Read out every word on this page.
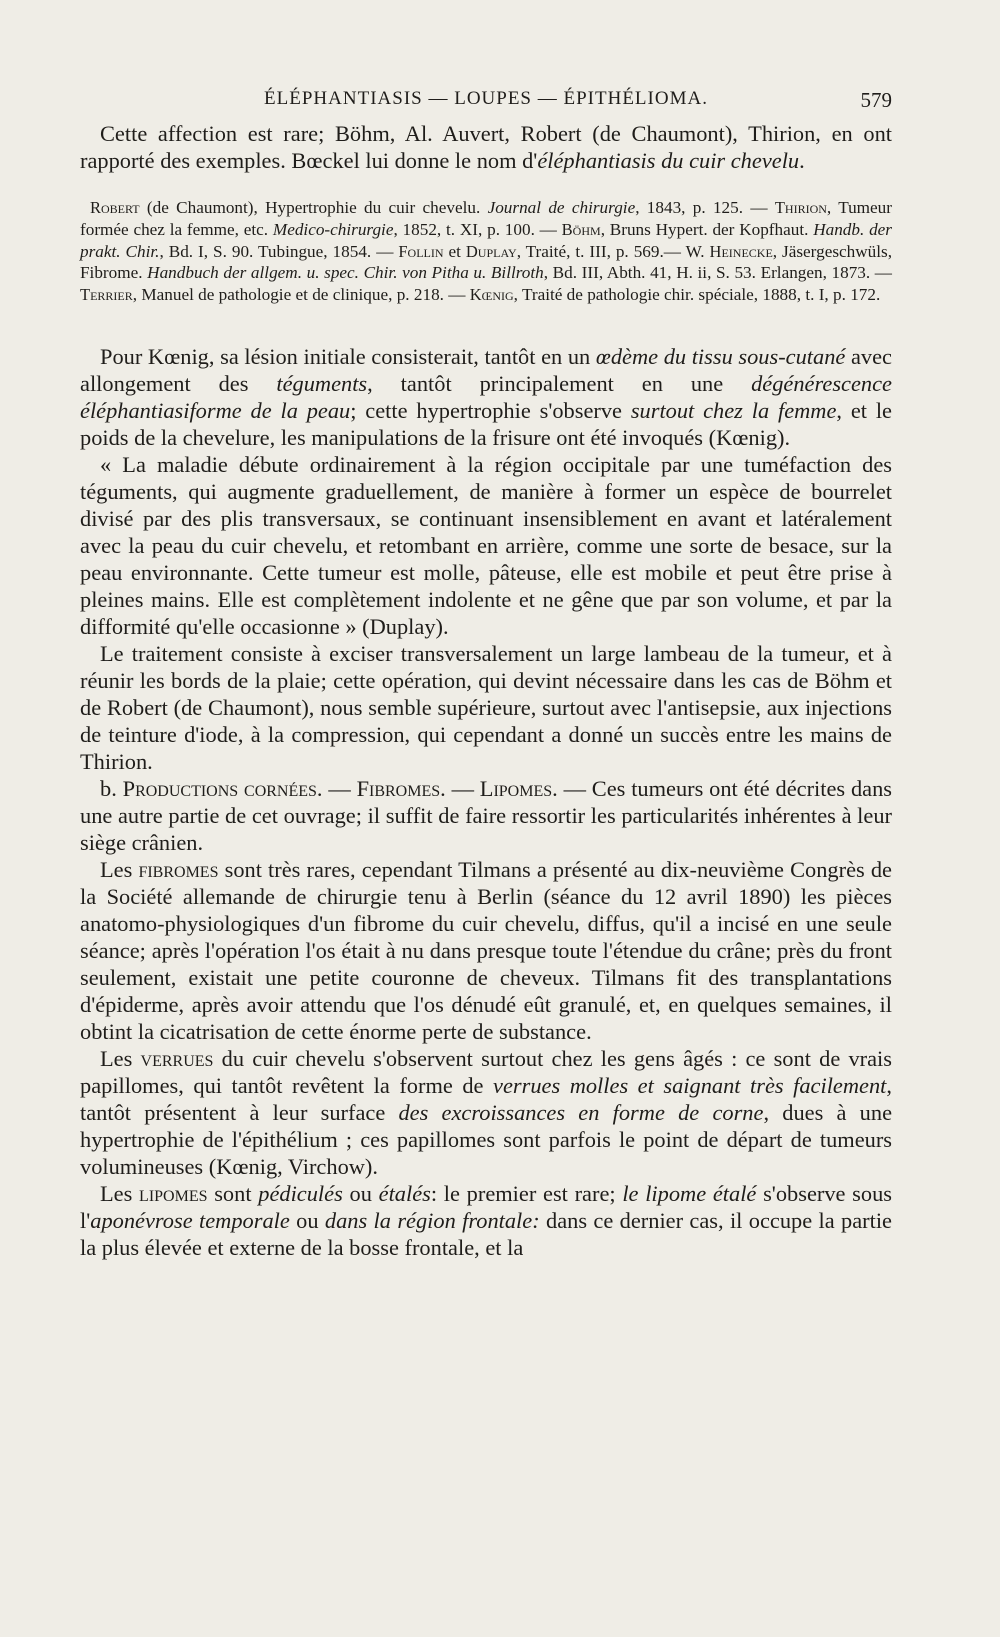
ÉLÉPHANTIASIS — LOUPES — ÉPITHÉLIOMA.	579

Cette affection est rare; Böhm, Al. Auvert, Robert (de Chaumont), Thirion, en ont rapporté des exemples. Bœckel lui donne le nom d'éléphantiasis du cuir chevelu.

Robert (de Chaumont), Hypertrophie du cuir chevelu. Journal de chirurgie, 1843, p. 125. — Thirion, Tumeur formée chez la femme, etc. Medico-chirurgie, 1852, t. XI, p. 100. — Böhm, Bruns Hypert. der Kopfhaut. Handb. der prakt. Chir., Bd. I, S. 90. Tubingue, 1854. — Follin et Duplay, Traité, t. III, p. 569.— W. Heinecke, Jäsergeschwüls, Fibrome. Handbuch der allgem. u. spec. Chir. von Pitha u. Billroth, Bd. III, Abth. 41, H. ii, S. 53. Erlangen, 1873. — Terrier, Manuel de pathologie et de clinique, p. 218. — Kœnig, Traité de pathologie chir. spéciale, 1888, t. I, p. 172.

Pour Kœnig, sa lésion initiale consisterait, tantôt en un œdème du tissu sous-cutané avec allongement des téguments, tantôt principalement en une dégénérescence éléphantiasiforme de la peau; cette hypertrophie s'observe surtout chez la femme, et le poids de la chevelure, les manipulations de la frisure ont été invoqués (Kœnig).

« La maladie débute ordinairement à la région occipitale par une tuméfaction des téguments, qui augmente graduellement, de manière à former un espèce de bourrelet divisé par des plis transversaux, se continuant insensiblement en avant et latéralement avec la peau du cuir chevelu, et retombant en arrière, comme une sorte de besace, sur la peau environnante. Cette tumeur est molle, pâteuse, elle est mobile et peut être prise à pleines mains. Elle est complètement indolente et ne gêne que par son volume, et par la difformité qu'elle occasionne » (Duplay).

Le traitement consiste à exciser transversalement un large lambeau de la tumeur, et à réunir les bords de la plaie; cette opération, qui devint nécessaire dans les cas de Böhm et de Robert (de Chaumont), nous semble supérieure, surtout avec l'antisepsie, aux injections de teinture d'iode, à la compression, qui cependant a donné un succès entre les mains de Thirion.

b. Productions cornées. — Fibromes. — Lipomes. — Ces tumeurs ont été décrites dans une autre partie de cet ouvrage; il suffit de faire ressortir les particularités inhérentes à leur siège crânien.

Les fibromes sont très rares, cependant Tilmans a présenté au dix-neuvième Congrès de la Société allemande de chirurgie tenu à Berlin (séance du 12 avril 1890) les pièces anatomo-physiologiques d'un fibrome du cuir chevelu, diffus, qu'il a incisé en une seule séance; après l'opération l'os était à nu dans presque toute l'étendue du crâne; près du front seulement, existait une petite couronne de cheveux. Tilmans fit des transplantations d'épiderme, après avoir attendu que l'os dénudé eût granulé, et, en quelques semaines, il obtint la cicatrisation de cette énorme perte de substance.

Les verrues du cuir chevelu s'observent surtout chez les gens âgés : ce sont de vrais papillomes, qui tantôt revêtent la forme de verrues molles et saignant très facilement, tantôt présentent à leur surface des excroissances en forme de corne, dues à une hypertrophie de l'épithélium ; ces papillomes sont parfois le point de départ de tumeurs volumineuses (Kœnig, Virchow).

Les lipomes sont pédiculés ou étalés: le premier est rare; le lipome étalé s'observe sous l'aponévrose temporale ou dans la région frontale: dans ce dernier cas, il occupe la partie la plus élevée et externe de la bosse frontale, et la
